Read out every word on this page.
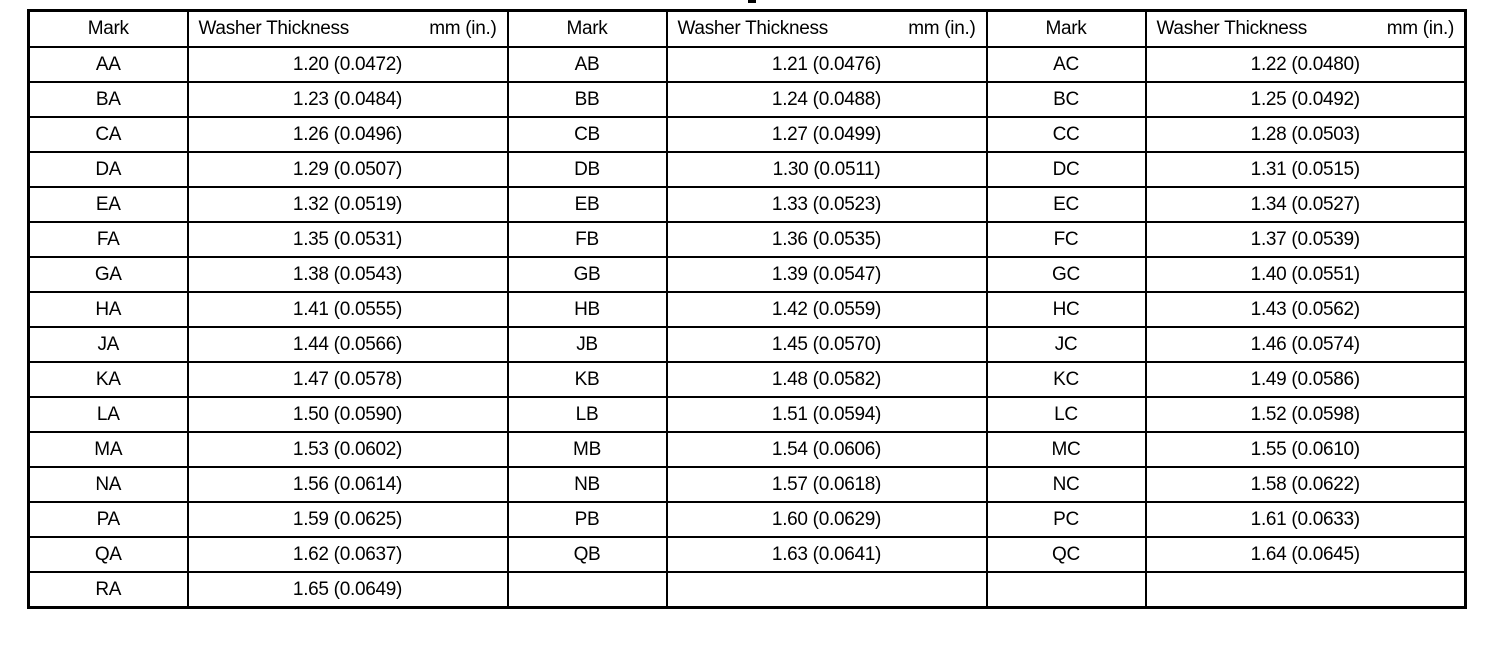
Mark	Washer Thickness mm (in.)	Mark	Washer Thickness mm (in.)	Mark	Washer Thickness mm (in.)

AA	1.20 (0.0472)	AB	1.21 (0.0476)	AC	1.22 (0.0480)
BA	1.23 (0.0484)	BB	1.24 (0.0488)	BC	1.25 (0.0492)
CA	1.26 (0.0496)	CB	1.27 (0.0499)	CC	1.28 (0.0503)
DA	1.29 (0.0507)	DB	1.30 (0.0511)	DC	1.31 (0.0515)
EA	1.32 (0.0519)	EB	1.33 (0.0523)	EC	1.34 (0.0527)
FA	1.35 (0.0531)	FB	1.36 (0.0535)	FC	1.37 (0.0539)
GA	1.38 (0.0543)	GB	1.39 (0.0547)	GC	1.40 (0.0551)
HA	1.41 (0.0555)	HB	1.42 (0.0559)	HC	1.43 (0.0562)
JA	1.44 (0.0566)	JB	1.45 (0.0570)	JC	1.46 (0.0574)
KA	1.47 (0.0578)	KB	1.48 (0.0582)	KC	1.49 (0.0586)
LA	1.50 (0.0590)	LB	1.51 (0.0594)	LC	1.52 (0.0598)
MA	1.53 (0.0602)	MB	1.54 (0.0606)	MC	1.55 (0.0610)
NA	1.56 (0.0614)	NB	1.57 (0.0618)	NC	1.58 (0.0622)
PA	1.59 (0.0625)	PB	1.60 (0.0629)	PC	1.61 (0.0633)
QA	1.62 (0.0637)	QB	1.63 (0.0641)	QC	1.64 (0.0645)
RA	1.65 (0.0649)				
